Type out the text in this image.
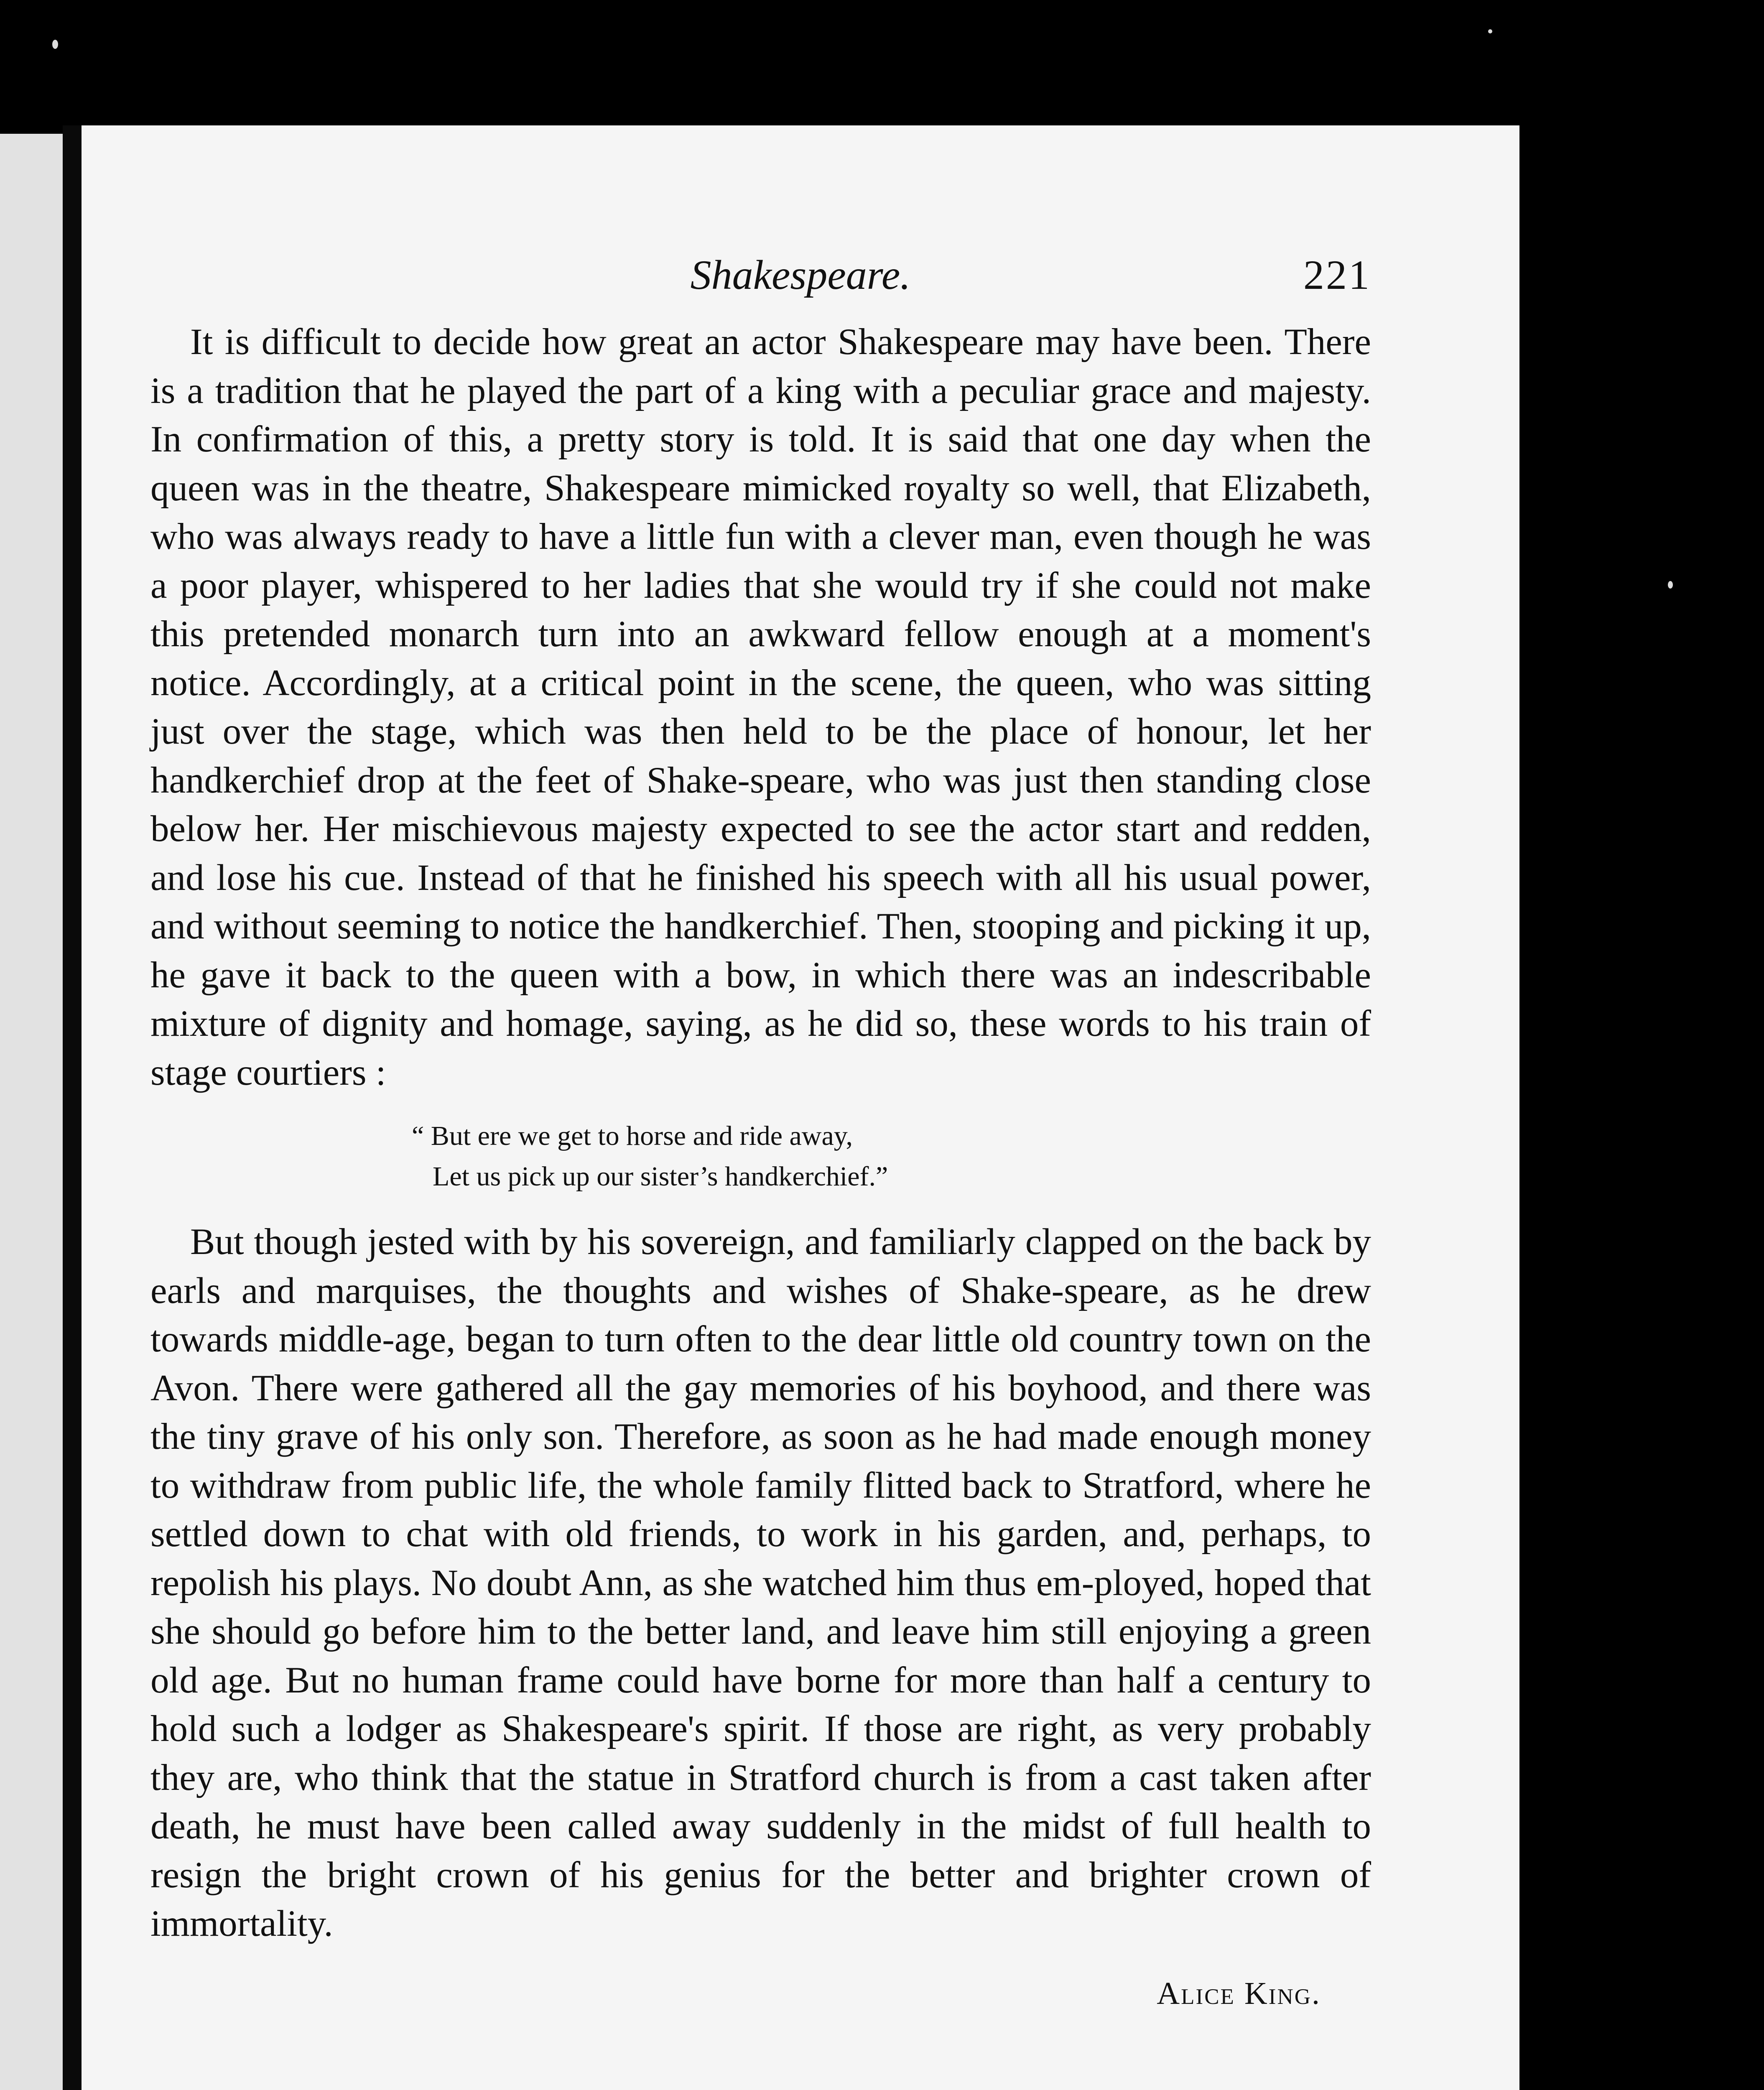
Shakespeare.	221

It is difficult to decide how great an actor Shakespeare may have been. There is a tradition that he played the part of a king with a peculiar grace and majesty. In confirmation of this, a pretty story is told. It is said that one day when the queen was in the theatre, Shakespeare mimicked royalty so well, that Elizabeth, who was always ready to have a little fun with a clever man, even though he was a poor player, whispered to her ladies that she would try if she could not make this pretended monarch turn into an awkward fellow enough at a moment's notice. Accordingly, at a critical point in the scene, the queen, who was sitting just over the stage, which was then held to be the place of honour, let her handkerchief drop at the feet of Shake-speare, who was just then standing close below her. Her mischievous majesty expected to see the actor start and redden, and lose his cue. Instead of that he finished his speech with all his usual power, and without seeming to notice the handkerchief. Then, stooping and picking it up, he gave it back to the queen with a bow, in which there was an indescribable mixture of dignity and homage, saying, as he did so, these words to his train of stage courtiers :

“ But ere we get to horse and ride away,
Let us pick up our sister’s handkerchief.”

But though jested with by his sovereign, and familiarly clapped on the back by earls and marquises, the thoughts and wishes of Shake-speare, as he drew towards middle-age, began to turn often to the dear little old country town on the Avon. There were gathered all the gay memories of his boyhood, and there was the tiny grave of his only son. Therefore, as soon as he had made enough money to withdraw from public life, the whole family flitted back to Stratford, where he settled down to chat with old friends, to work in his garden, and, perhaps, to repolish his plays. No doubt Ann, as she watched him thus em-ployed, hoped that she should go before him to the better land, and leave him still enjoying a green old age. But no human frame could have borne for more than half a century to hold such a lodger as Shakespeare's spirit. If those are right, as very probably they are, who think that the statue in Stratford church is from a cast taken after death, he must have been called away suddenly in the midst of full health to resign the bright crown of his genius for the better and brighter crown of immortality.

Alice King.
